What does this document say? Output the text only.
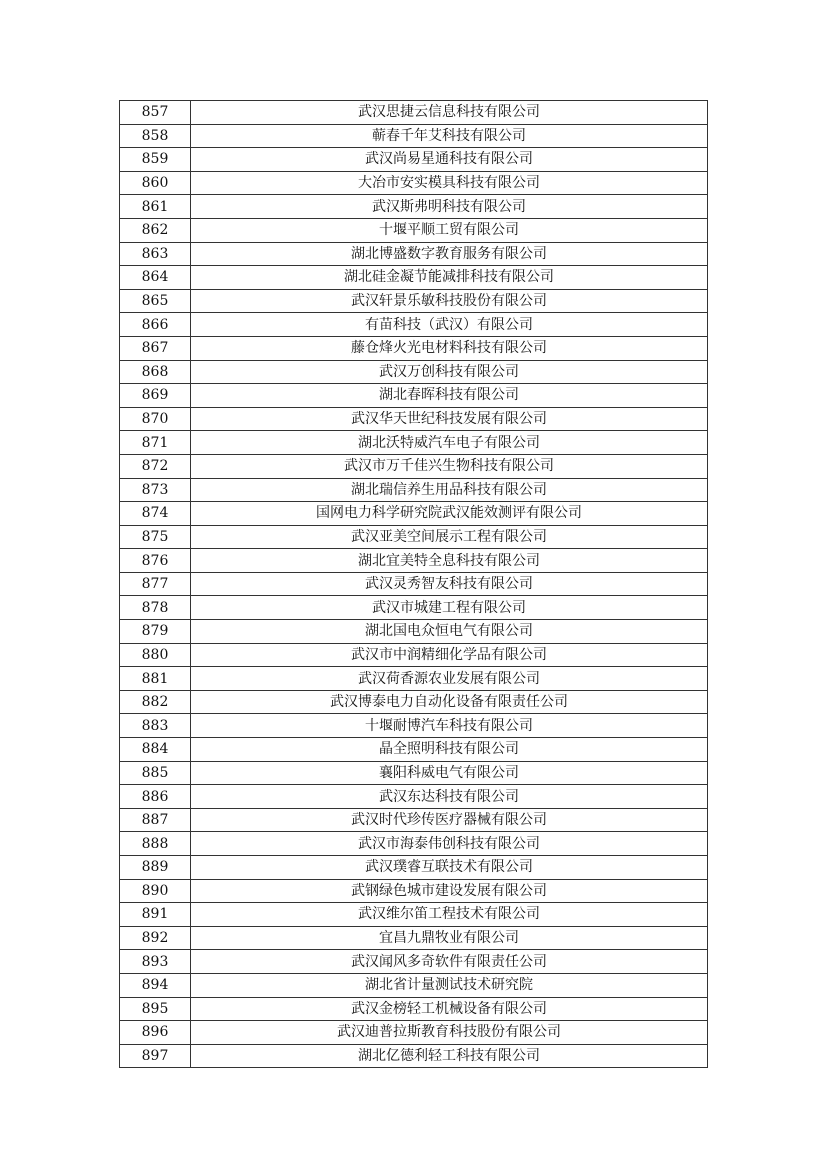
857	武汉思捷云信息科技有限公司
858	蕲春千年艾科技有限公司
859	武汉尚易星通科技有限公司
860	大冶市安实模具科技有限公司
861	武汉斯弗明科技有限公司
862	十堰平顺工贸有限公司
863	湖北博盛数字教育服务有限公司
864	湖北硅金凝节能减排科技有限公司
865	武汉轩景乐敏科技股份有限公司
866	有苗科技（武汉）有限公司
867	藤仓烽火光电材料科技有限公司
868	武汉万创科技有限公司
869	湖北春晖科技有限公司
870	武汉华天世纪科技发展有限公司
871	湖北沃特威汽车电子有限公司
872	武汉市万千佳兴生物科技有限公司
873	湖北瑞信养生用品科技有限公司
874	国网电力科学研究院武汉能效测评有限公司
875	武汉亚美空间展示工程有限公司
876	湖北宜美特全息科技有限公司
877	武汉灵秀智友科技有限公司
878	武汉市城建工程有限公司
879	湖北国电众恒电气有限公司
880	武汉市中润精细化学品有限公司
881	武汉荷香源农业发展有限公司
882	武汉博泰电力自动化设备有限责任公司
883	十堰耐博汽车科技有限公司
884	晶全照明科技有限公司
885	襄阳科威电气有限公司
886	武汉东达科技有限公司
887	武汉时代珍传医疗器械有限公司
888	武汉市海泰伟创科技有限公司
889	武汉璞睿互联技术有限公司
890	武钢绿色城市建设发展有限公司
891	武汉维尔笛工程技术有限公司
892	宜昌九鼎牧业有限公司
893	武汉闻风多奇软件有限责任公司
894	湖北省计量测试技术研究院
895	武汉金榜轻工机械设备有限公司
896	武汉迪普拉斯教育科技股份有限公司
897	湖北亿德利轻工科技有限公司
